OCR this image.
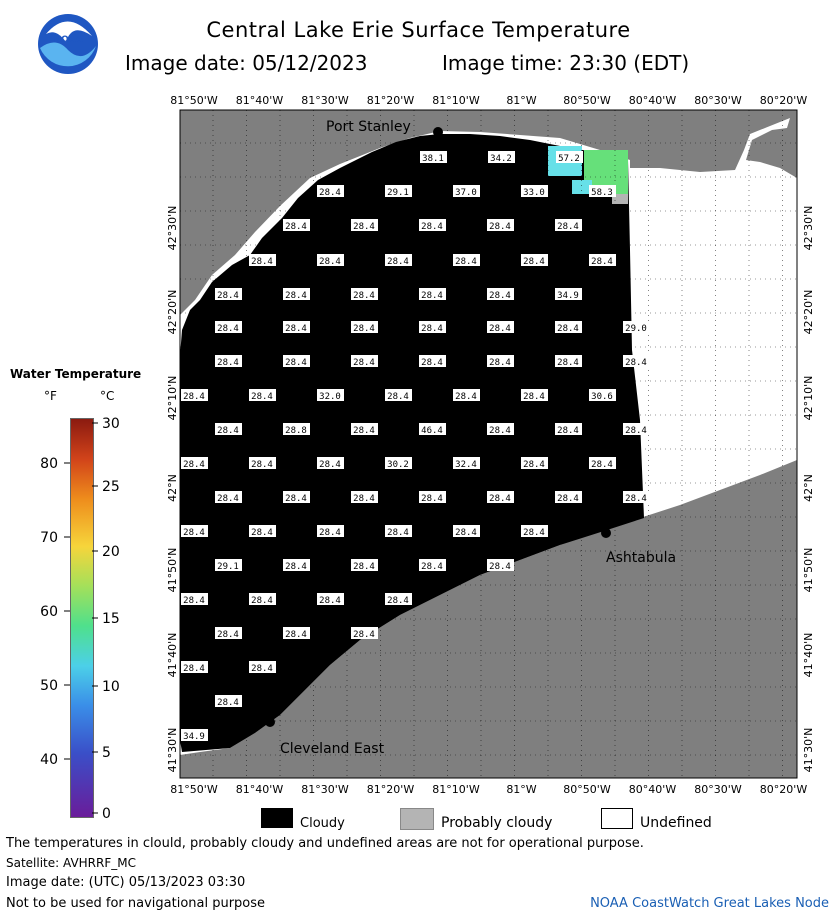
NOAA	Central Lake Erie Surface Temperature
Image date: 05/12/2023	Image time: 23:30 (EDT)
81°50'W 81°40'W 81°30'W 81°20'W 81°10'W 81°W 80°50'W 80°40'W 80°30'W 80°20'W
81°50'W 81°40'W 81°30'W 81°20'W 81°10'W 81°W 80°50'W 80°40'W 80°30'W 80°20'W
42°30'N
42°20'N
42°10'N
42°N
41°50'N
41°40'N
41°30'N
42°30'N
42°20'N
42°10'N
42°N
41°50'N
41°40'N
41°30'N
38.1	34.2	57.2
28.4	29.1	37.0	33.0	58.3
28.4	28.4	28.4	28.4	28.4
28.4	28.4	28.4	28.4	28.4	28.4
28.4	28.4	28.4	28.4	28.4	34.9
28.4	28.4	28.4	28.4	28.4	28.4	29.0
28.4	28.4	28.4	28.4	28.4	28.4	28.4
28.4	28.4	32.0	28.4	28.4	28.4	30.6
28.4	28.8	28.4	46.4	28.4	28.4	28.4
28.4	28.4	28.4	30.2	32.4	28.4	28.4
28.4	28.4	28.4	28.4	28.4	28.4	28.4
28.4	28.4	28.4	28.4	28.4	28.4
29.1	28.4	28.4	28.4	28.4
28.4	28.4	28.4	28.4
28.4	28.4	28.4
28.4	28.4
28.4
34.9
Port Stanley
Ashtabula
Cleveland East
Water Temperature
°F	°C
80
70
60
50
40
30
25
20
15
10
5
0
Cloudy	Probably cloudy	Undefined
The temperatures in clould, probably cloudy and undefined areas are not for operational purpose.
Satellite: AVHRRF_MC
Image date: (UTC) 05/13/2023 03:30
Not to be used for navigational purpose	NOAA CoastWatch Great Lakes Node
